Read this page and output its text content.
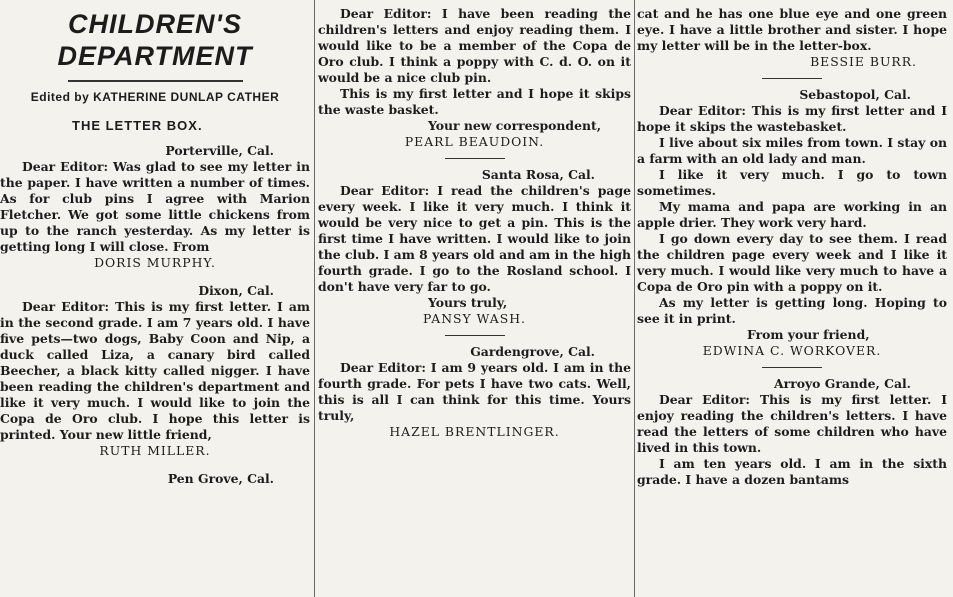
CHILDREN'S DEPARTMENT
Edited by KATHERINE DUNLAP CATHER
THE LETTER BOX.

Porterville, Cal.

Dear Editor: Was glad to see my letter in the paper. I have written a number of times. As for club pins I agree with Marion Fletcher. We got some little chickens from up to the ranch yesterday. As my letter is getting long I will close. From

DORIS MURPHY.

Dixon, Cal.

Dear Editor: This is my first letter. I am in the second grade. I am 7 years old. I have five pets—two dogs, Baby Coon and Nip, a duck called Liza, a canary bird called Beecher, a black kitty called nigger. I have been reading the children's department and like it very much. I would like to join the Copa de Oro club. I hope this letter is printed. Your new little friend,

RUTH MILLER.

Pen Grove, Cal.

Dear Editor: I have been reading the children's letters and enjoy reading them. I would like to be a member of the Copa de Oro club. I think a poppy with C. d. O. on it would be a nice club pin.

This is my first letter and I hope it skips the waste basket.

Your new correspondent,

PEARL BEAUDOIN.

Santa Rosa, Cal.

Dear Editor: I read the children's page every week. I like it very much. I think it would be very nice to get a pin. This is the first time I have written. I would like to join the club. I am 8 years old and am in the high fourth grade. I go to the Rosland school. I don't have very far to go.

Yours truly,

PANSY WASH.

Gardengrove, Cal.

Dear Editor: I am 9 years old. I am in the fourth grade. For pets I have two cats. Well, this is all I can think for this time. Yours truly,

HAZEL BRENTLINGER.

cat and he has one blue eye and one green eye. I have a little brother and sister. I hope my letter will be in the letter-box.

BESSIE BURR.

Sebastopol, Cal.

Dear Editor: This is my first letter and I hope it skips the wastebasket.

I live about six miles from town. I stay on a farm with an old lady and man.

I like it very much. I go to town sometimes.

My mama and papa are working in an apple drier. They work very hard.

I go down every day to see them. I read the children page every week and I like it very much. I would like very much to have a Copa de Oro pin with a poppy on it.

As my letter is getting long. Hoping to see it in print.

From your friend,

EDWINA C. WORKOVER.

Arroyo Grande, Cal.

Dear Editor: This is my first letter. I enjoy reading the children's letters. I have read the letters of some children who have lived in this town.

I am ten years old. I am in the sixth grade. I have a dozen bantams
